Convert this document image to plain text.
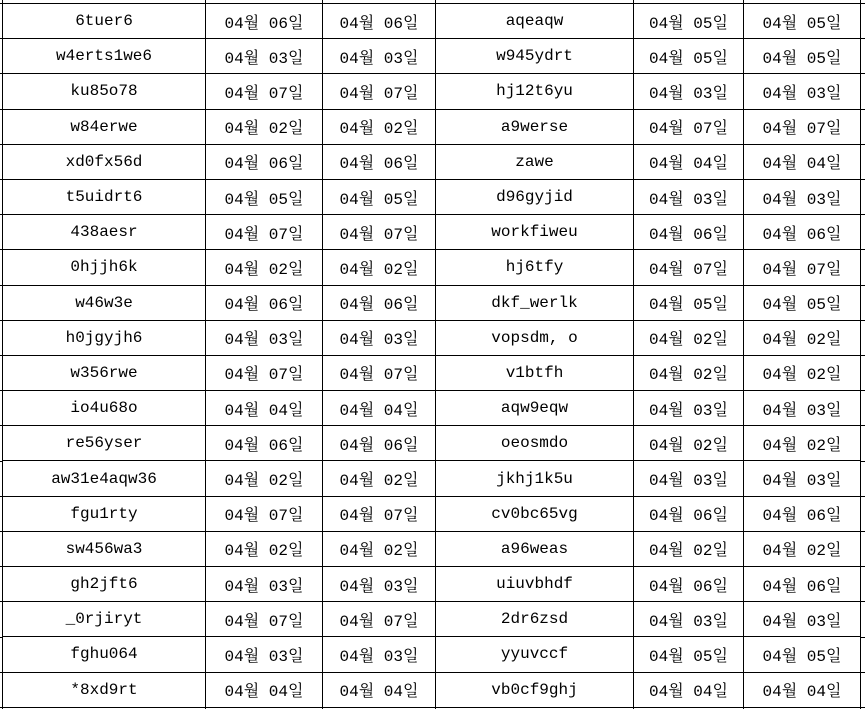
6tuer6	04월 06일	04월 06일	aqeaqw	04월 05일	04월 05일
w4erts1we6	04월 03일	04월 03일	w945ydrt	04월 05일	04월 05일
ku85o78	04월 07일	04월 07일	hj12t6yu	04월 03일	04월 03일
w84erwe	04월 02일	04월 02일	a9werse	04월 07일	04월 07일
xd0fx56d	04월 06일	04월 06일	zawe	04월 04일	04월 04일
t5uidrt6	04월 05일	04월 05일	d96gyjid	04월 03일	04월 03일
438aesr	04월 07일	04월 07일	workfiweu	04월 06일	04월 06일
0hjjh6k	04월 02일	04월 02일	hj6tfy	04월 07일	04월 07일
w46w3e	04월 06일	04월 06일	dkf_werlk	04월 05일	04월 05일
h0jgyjh6	04월 03일	04월 03일	vopsdm, o	04월 02일	04월 02일
w356rwe	04월 07일	04월 07일	v1btfh	04월 02일	04월 02일
io4u68o	04월 04일	04월 04일	aqw9eqw	04월 03일	04월 03일
re56yser	04월 06일	04월 06일	oeosmdo	04월 02일	04월 02일
aw31e4aqw36	04월 02일	04월 02일	jkhj1k5u	04월 03일	04월 03일
fgu1rty	04월 07일	04월 07일	cv0bc65vg	04월 06일	04월 06일
sw456wa3	04월 02일	04월 02일	a96weas	04월 02일	04월 02일
gh2jft6	04월 03일	04월 03일	uiuvbhdf	04월 06일	04월 06일
_0rjiryt	04월 07일	04월 07일	2dr6zsd	04월 03일	04월 03일
fghu064	04월 03일	04월 03일	yyuvccf	04월 05일	04월 05일
*8xd9rt	04월 04일	04월 04일	vb0cf9ghj	04월 04일	04월 04일
